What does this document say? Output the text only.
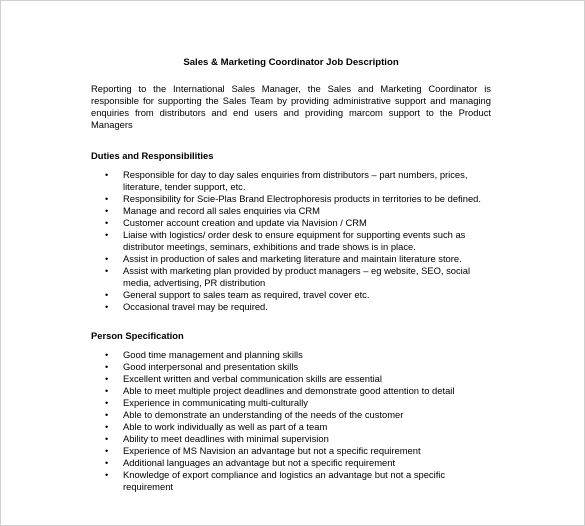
Sales & Marketing Coordinator Job Description
Reporting to the International Sales Manager, the Sales and Marketing Coordinator is responsible for supporting the Sales Team by providing administrative support and managing enquiries from distributors and end users and providing marcom support to the Product Managers
Duties and Responsibilities
• Responsible for day to day sales enquiries from distributors – part numbers, prices, literature, tender support, etc.
• Responsibility for Scie-Plas Brand Electrophoresis products in territories to be defined.
• Manage and record all sales enquiries via CRM
• Customer account creation and update via Navision / CRM
• Liaise with logistics/ order desk to ensure equipment for supporting events such as distributor meetings, seminars, exhibitions and trade shows is in place.
• Assist in production of sales and marketing literature and maintain literature store.
• Assist with marketing plan provided by product managers – eg website, SEO, social media, advertising, PR distribution
• General support to sales team as required, travel cover etc.
• Occasional travel may be required.
Person Specification
• Good time management and planning skills
• Good interpersonal and presentation skills
• Excellent written and verbal communication skills are essential
• Able to meet multiple project deadlines and demonstrate good attention to detail
• Experience in communicating multi-culturally
• Able to demonstrate an understanding of the needs of the customer
• Able to work individually as well as part of a team
• Ability to meet deadlines with minimal supervision
• Experience of MS Navision an advantage but not a specific requirement
• Additional languages an advantage but not a specific requirement
• Knowledge of export compliance and logistics an advantage but not a specific requirement
